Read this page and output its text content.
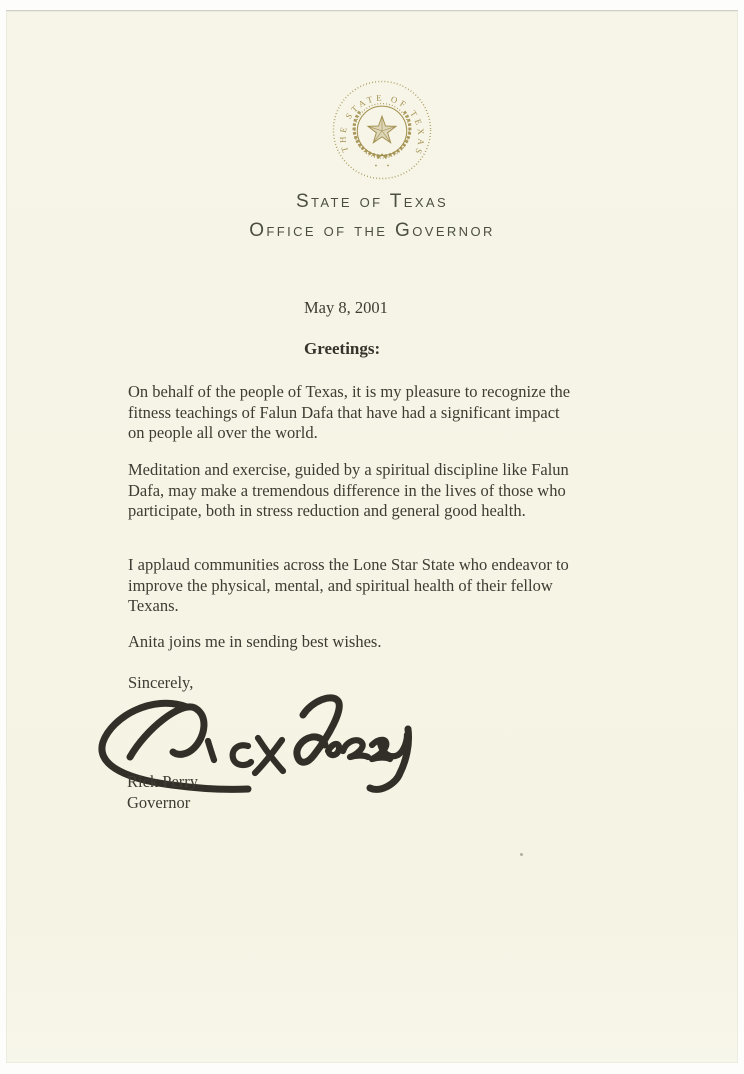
THE STATE OF TEXAS
State of Texas
Office of the Governor
May 8, 2001
Greetings:
On behalf of the people of Texas, it is my pleasure to recognize the fitness teachings of Falun Dafa that have had a significant impact on people all over the world.
Meditation and exercise, guided by a spiritual discipline like Falun Dafa, may make a tremendous difference in the lives of those who participate, both in stress reduction and general good health.
I applaud communities across the Lone Star State who endeavor to improve the physical, mental, and spiritual health of their fellow Texans.
Anita joins me in sending best wishes.
Sincerely,
Rick Perry
Governor
